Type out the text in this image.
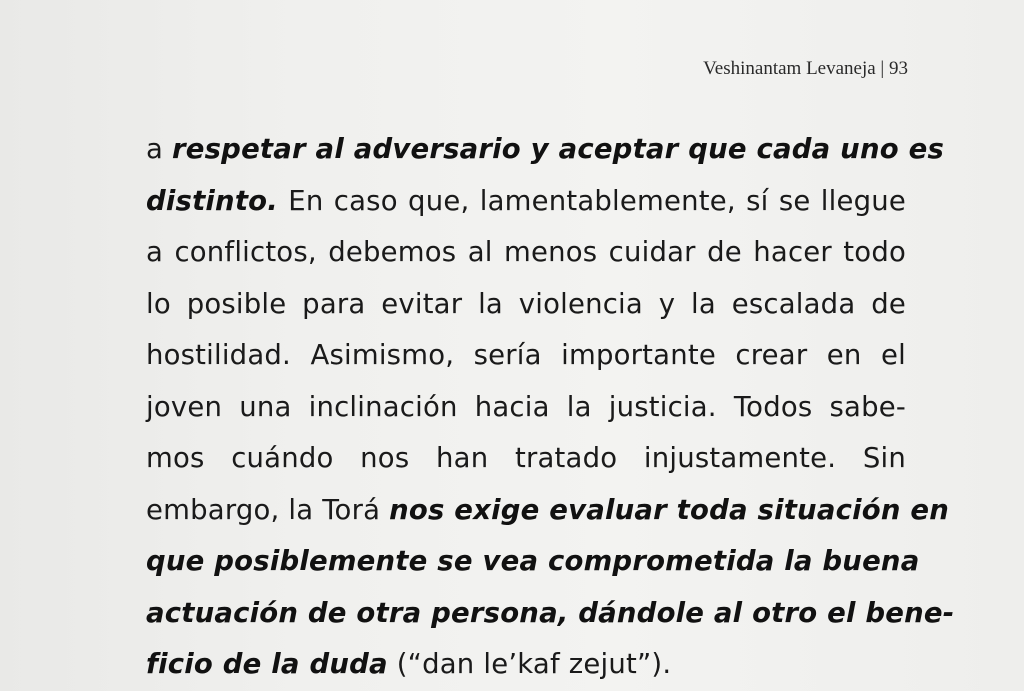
Veshinantam Levaneja | 93
a respetar al adversario y aceptar que cada uno es
distinto. En caso que, lamentablemente, sí se llegue
a conflictos, debemos al menos cuidar de hacer todo
lo posible para evitar la violencia y la escalada de
hostilidad. Asimismo, sería importante crear en el
joven una inclinación hacia la justicia. Todos sabe-
mos cuándo nos han tratado injustamente. Sin
embargo, la Torá nos exige evaluar toda situación en
que posiblemente se vea comprometida la buena
actuación de otra persona, dándole al otro el bene-
ficio de la duda (“dan le’kaf zejut”).
